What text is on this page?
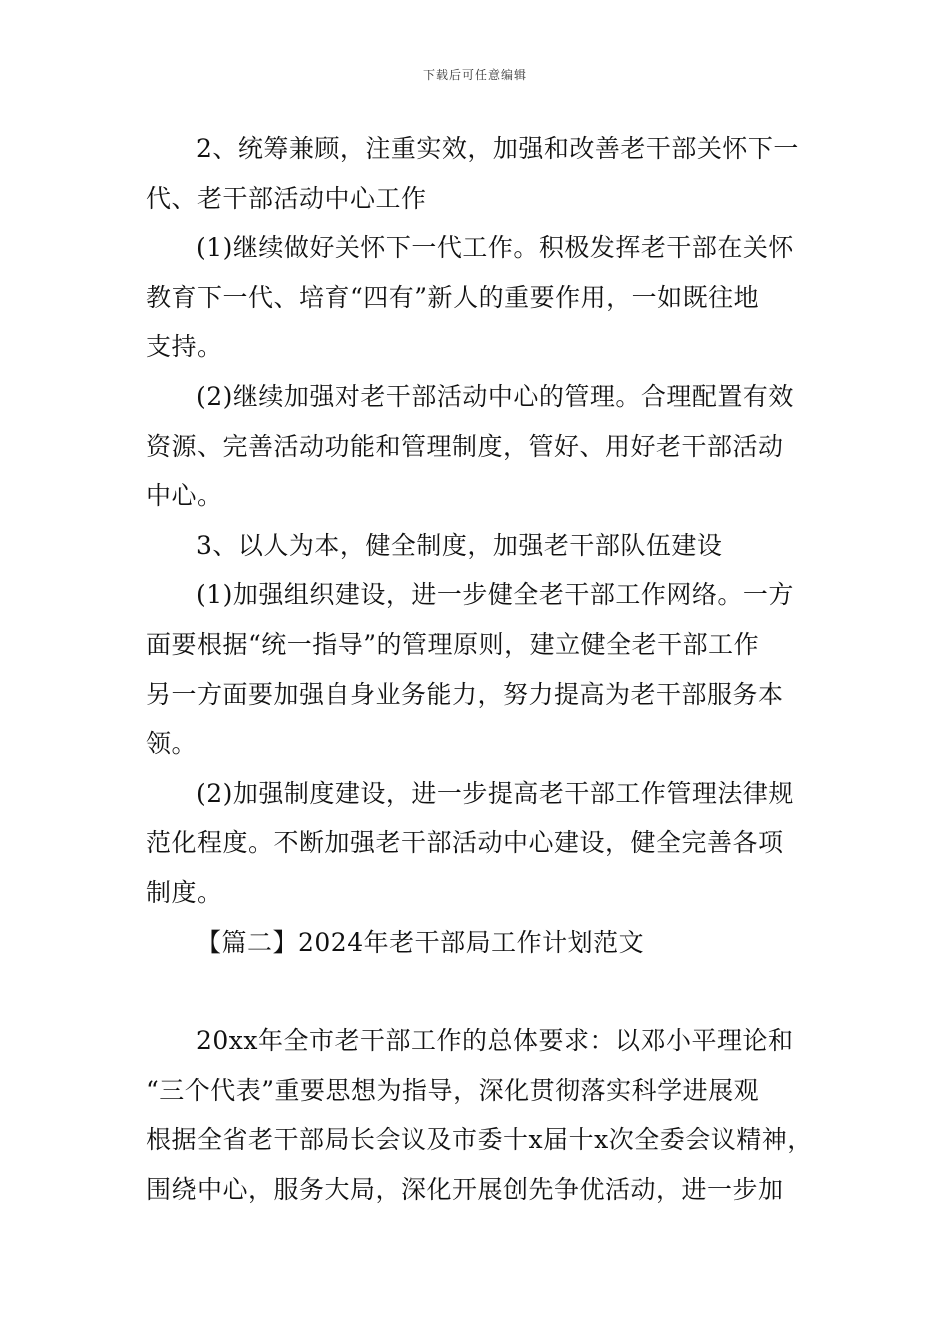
下载后可任意编辑

2、统筹兼顾，注重实效，加强和改善老干部关怀下一
代、老干部活动中心工作

(1)继续做好关怀下一代工作。积极发挥老干部在关怀
教育下一代、培育“四有”新人的重要作用，一如既往地
支持。

(2)继续加强对老干部活动中心的管理。合理配置有效
资源、完善活动功能和管理制度，管好、用好老干部活动
中心。

3、以人为本，健全制度，加强老干部队伍建设

(1)加强组织建设，进一步健全老干部工作网络。一方
面要根据“统一指导”的管理原则，建立健全老干部工作
另一方面要加强自身业务能力，努力提高为老干部服务本
领。

(2)加强制度建设，进一步提高老干部工作管理法律规
范化程度。不断加强老干部活动中心建设，健全完善各项
制度。

【篇二】2024年老干部局工作计划范文

20xx年全市老干部工作的总体要求：以邓小平理论和
“三个代表”重要思想为指导，深化贯彻落实科学进展观
根据全省老干部局长会议及市委十x届十x次全委会议精神，
围绕中心，服务大局，深化开展创先争优活动，进一步加
